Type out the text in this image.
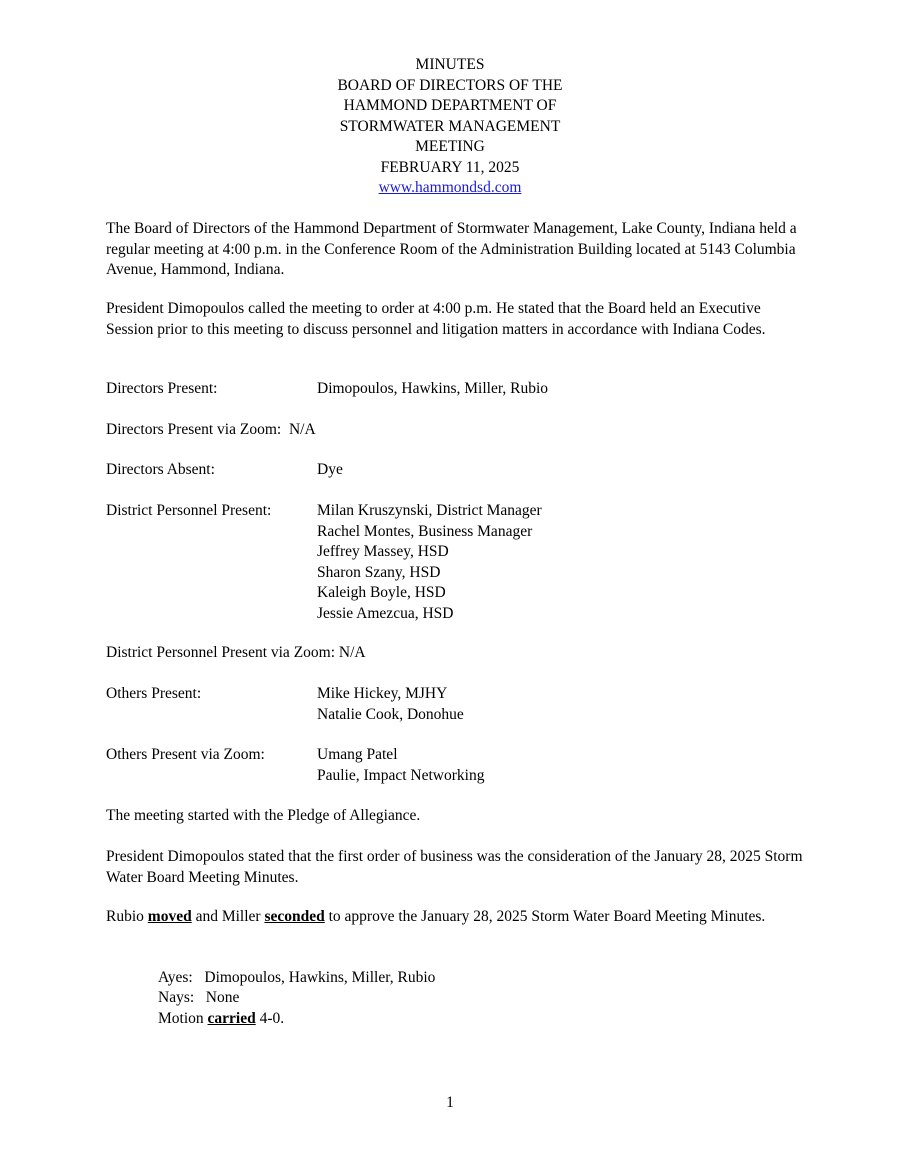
MINUTES
BOARD OF DIRECTORS OF THE
HAMMOND DEPARTMENT OF
STORMWATER MANAGEMENT
MEETING
FEBRUARY 11, 2025
www.hammondsd.com
The Board of Directors of the Hammond Department of Stormwater Management, Lake County, Indiana held a regular meeting at 4:00 p.m. in the Conference Room of the Administration Building located at 5143 Columbia Avenue, Hammond, Indiana.
President Dimopoulos called the meeting to order at 4:00 p.m. He stated that the Board held an Executive Session prior to this meeting to discuss personnel and litigation matters in accordance with Indiana Codes.
Directors Present:	Dimopoulos, Hawkins, Miller, Rubio
Directors Present via Zoom: N/A
Directors Absent:	Dye
District Personnel Present:	Milan Kruszynski, District Manager
Rachel Montes, Business Manager
Jeffrey Massey, HSD
Sharon Szany, HSD
Kaleigh Boyle, HSD
Jessie Amezcua, HSD
District Personnel Present via Zoom: N/A
Others Present:	Mike Hickey, MJHY
Natalie Cook, Donohue
Others Present via Zoom:	Umang Patel
Paulie, Impact Networking
The meeting started with the Pledge of Allegiance.
President Dimopoulos stated that the first order of business was the consideration of the January 28, 2025 Storm Water Board Meeting Minutes.
Rubio moved and Miller seconded to approve the January 28, 2025 Storm Water Board Meeting Minutes.
Ayes: Dimopoulos, Hawkins, Miller, Rubio
Nays: None
Motion carried 4-0.
1
